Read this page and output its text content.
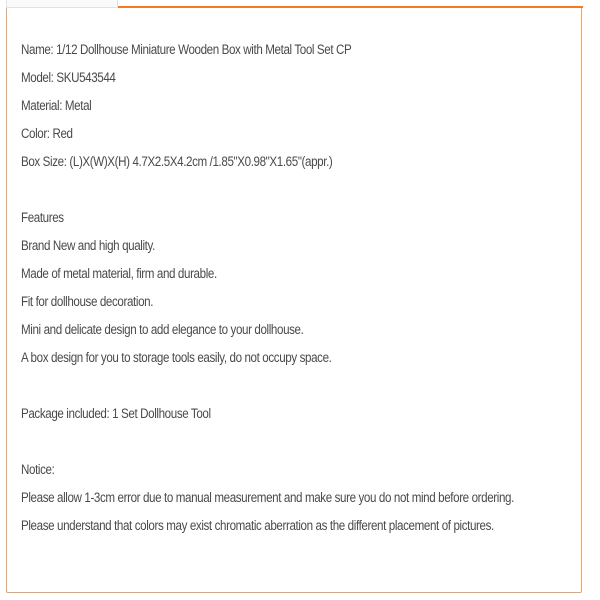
Name: 1/12 Dollhouse Miniature Wooden Box with Metal Tool Set CP
Model: SKU543544
Material: Metal
Color: Red
Box Size: (L)X(W)X(H) 4.7X2.5X4.2cm /1.85"X0.98"X1.65"(appr.)
Features
Brand New and high quality.
Made of metal material, firm and durable.
Fit for dollhouse decoration.
Mini and delicate design to add elegance to your dollhouse.
A box design for you to storage tools easily, do not occupy space.
Package included: 1 Set Dollhouse Tool
Notice:
Please allow 1-3cm error due to manual measurement and make sure you do not mind before ordering.
Please understand that colors may exist chromatic aberration as the different placement of pictures.
